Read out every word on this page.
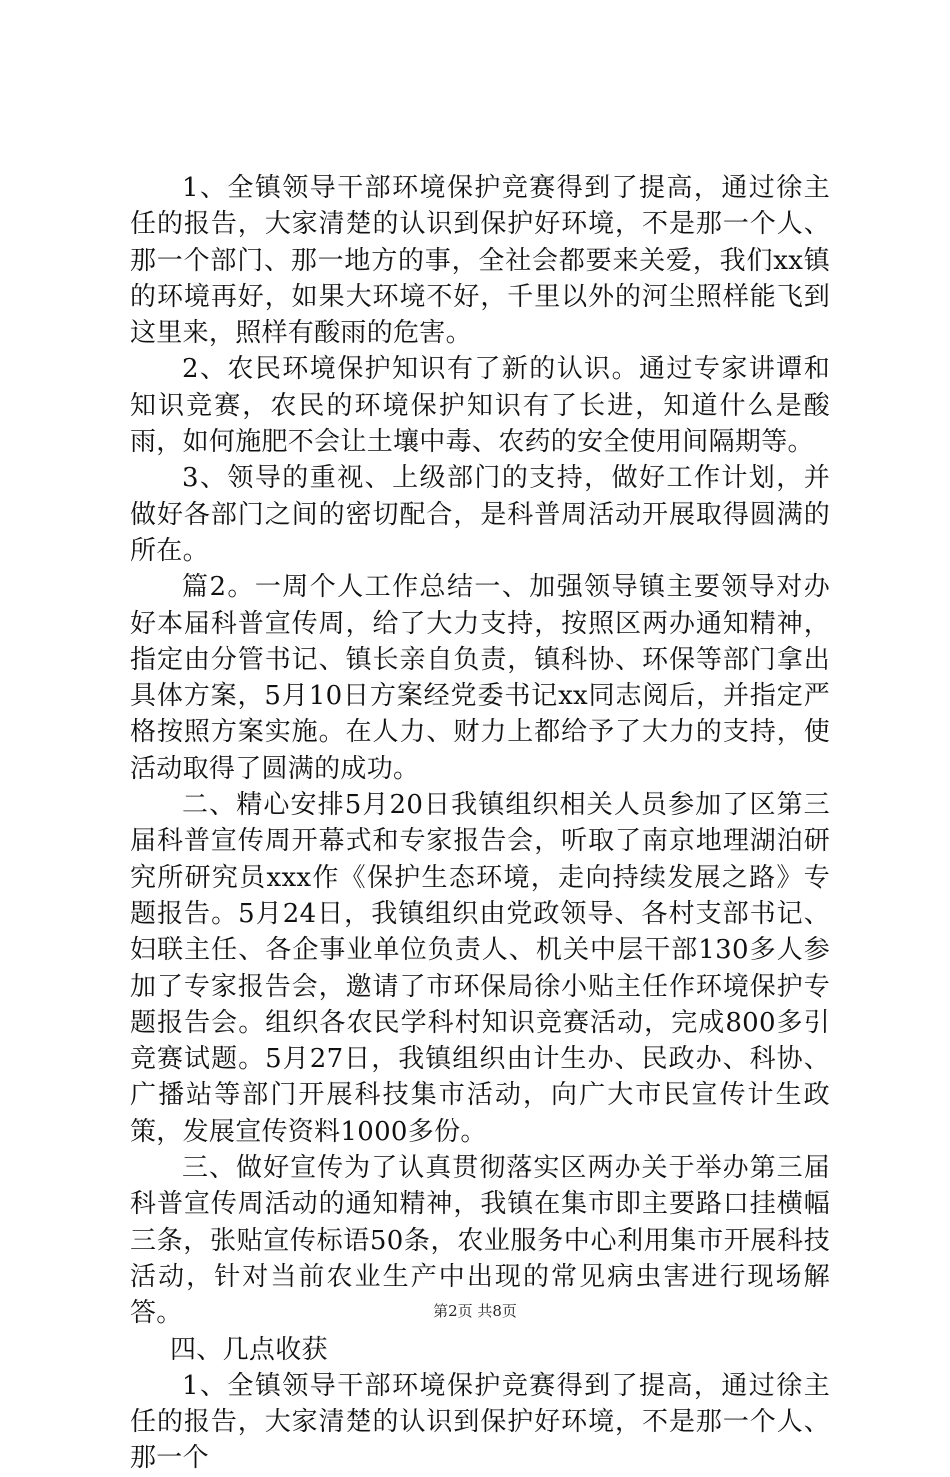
1、全镇领导干部环境保护竞赛得到了提高，通过徐主任的报告，大家清楚的认识到保护好环境，不是那一个人、那一个部门、那一地方的事，全社会都要来关爱，我们xx镇的环境再好，如果大环境不好，千里以外的河尘照样能飞到这里来，照样有酸雨的危害。

2、农民环境保护知识有了新的认识。通过专家讲谭和知识竞赛，农民的环境保护知识有了长进，知道什么是酸雨，如何施肥不会让土壤中毒、农药的安全使用间隔期等。

3、领导的重视、上级部门的支持，做好工作计划，并做好各部门之间的密切配合，是科普周活动开展取得圆满的所在。

篇2。一周个人工作总结一、加强领导镇主要领导对办好本届科普宣传周，给了大力支持，按照区两办通知精神，指定由分管书记、镇长亲自负责，镇科协、环保等部门拿出具体方案，5月10日方案经党委书记xx同志阅后，并指定严格按照方案实施。在人力、财力上都给予了大力的支持，使活动取得了圆满的成功。

二、精心安排5月20日我镇组织相关人员参加了区第三届科普宣传周开幕式和专家报告会，听取了南京地理湖泊研究所研究员xxx作《保护生态环境，走向持续发展之路》专题报告。5月24日，我镇组织由党政领导、各村支部书记、妇联主任、各企事业单位负责人、机关中层干部130多人参加了专家报告会，邀请了市环保局徐小贴主任作环境保护专题报告会。组织各农民学科村知识竞赛活动，完成800多引竞赛试题。5月27日，我镇组织由计生办、民政办、科协、广播站等部门开展科技集市活动，向广大市民宣传计生政策，发展宣传资料1000多份。

三、做好宣传为了认真贯彻落实区两办关于举办第三届科普宣传周活动的通知精神，我镇在集市即主要路口挂横幅三条，张贴宣传标语50条，农业服务中心利用集市开展科技活动，针对当前农业生产中出现的常见病虫害进行现场解答。

四、几点收获

1、全镇领导干部环境保护竞赛得到了提高，通过徐主任的报告，大家清楚的认识到保护好环境，不是那一个人、那一个

第2页 共8页
